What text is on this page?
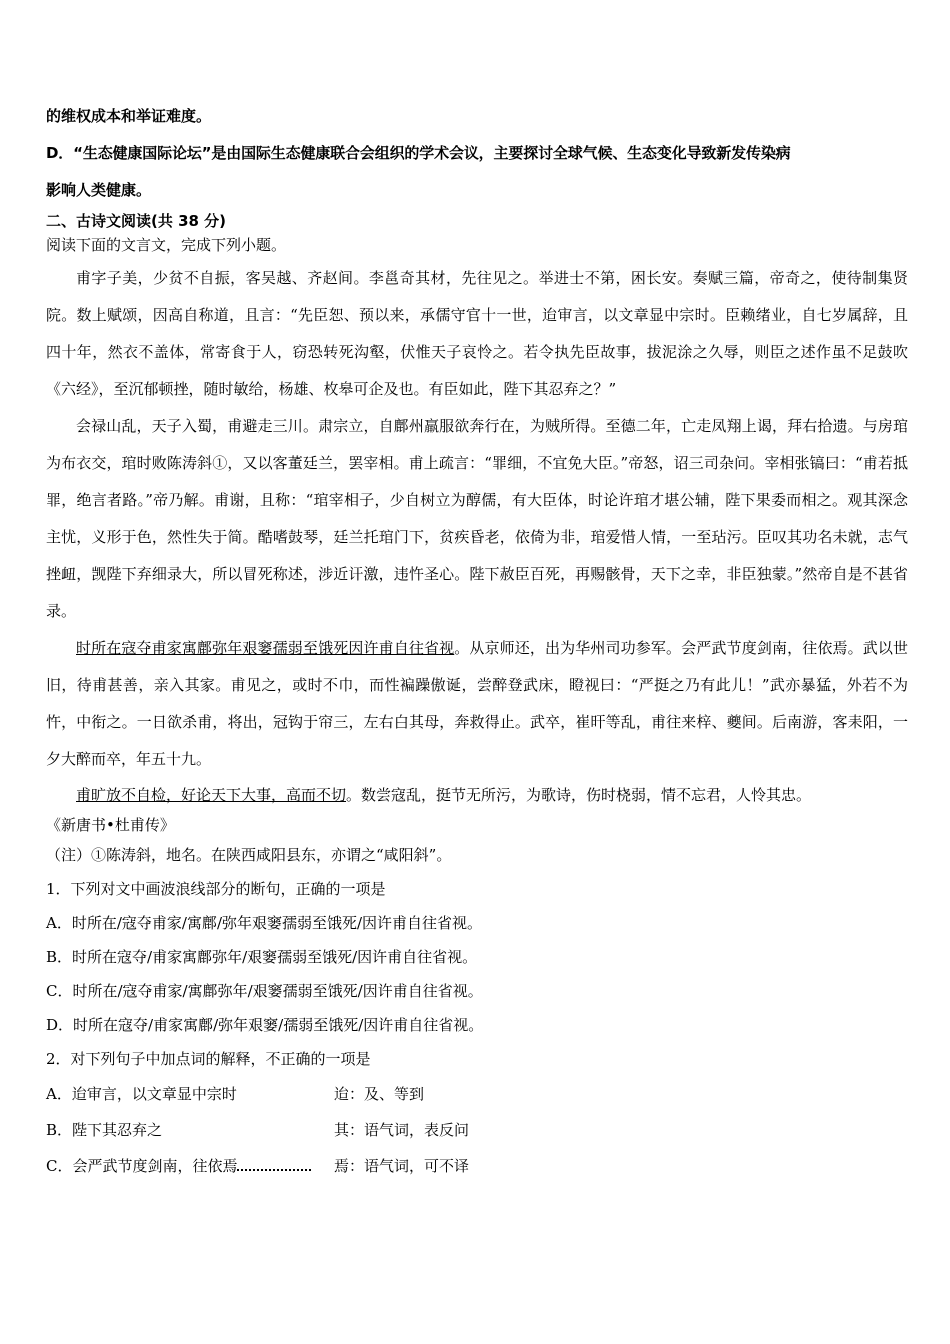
的维权成本和举证难度。
D．“生态健康国际论坛”是由国际生态健康联合会组织的学术会议，主要探讨全球气候、生态变化导致新发传染病
影响人类健康。
二、古诗文阅读(共 38 分)
阅读下面的文言文，完成下列小题。

甫字子美，少贫不自振，客吴越、齐赵间。李邕奇其材，先往见之。举进士不第，困长安。奏赋三篇，帝奇之，使待制集贤院。数上赋颂，因高自称道，且言：“先臣恕、预以来，承儒守官十一世，迨审言，以文章显中宗时。臣赖绪业，自七岁属辞，且四十年，然衣不盖体，常寄食于人，窃恐转死沟壑，伏惟天子哀怜之。若令执先臣故事，拔泥涂之久辱，则臣之述作虽不足鼓吹《六经》，至沉郁顿挫，随时敏给，杨雄、枚皋可企及也。有臣如此，陛下其忍弃之？”

会禄山乱，天子入蜀，甫避走三川。肃宗立，自鄜州羸服欲奔行在，为贼所得。至德二年，亡走凤翔上谒，拜右拾遗。与房琯为布衣交，琯时败陈涛斜①，又以客董廷兰，罢宰相。甫上疏言：“罪细，不宜免大臣。”帝怒，诏三司杂问。宰相张镐曰：“甫若抵罪，绝言者路。”帝乃解。甫谢，且称：“琯宰相子，少自树立为醇儒，有大臣体，时论许琯才堪公辅，陛下果委而相之。观其深念主忧，义形于色，然性失于简。酷嗜鼓琴，廷兰托琯门下，贫疾昏老，依倚为非，琯爱惜人情，一至玷污。臣叹其功名未就，志气挫衄，觊陛下弃细录大，所以冒死称述，涉近讦激，违忤圣心。陛下赦臣百死，再赐骸骨，天下之幸，非臣独蒙。”然帝自是不甚省录。

时所在寇夺甫家寓鄜弥年艰窭孺弱至饿死因许甫自往省视。从京师还，出为华州司功参军。会严武节度剑南，往依焉。武以世旧，待甫甚善，亲入其家。甫见之，或时不巾，而性褊躁傲诞，尝醉登武床，瞪视曰：“严挺之乃有此儿！”武亦暴猛，外若不为忤，中衔之。一日欲杀甫，将出，冠钩于帘三，左右白其母，奔救得止。武卒，崔旰等乱，甫往来梓、夔间。后南游，客耒阳，一夕大醉而卒，年五十九。

甫旷放不自检，好论天下大事，高而不切。数尝寇乱，挺节无所污，为歌诗，伤时桡弱，情不忘君，人怜其忠。

《新唐书•杜甫传》
（注）①陈涛斜，地名。在陕西咸阳县东，亦谓之“咸阳斜”。
1．下列对文中画波浪线部分的断句，正确的一项是
A．时所在/寇夺甫家/寓鄜/弥年艰窭孺弱至饿死/因许甫自往省视。
B．时所在寇夺/甫家寓鄜弥年/艰窭孺弱至饿死/因许甫自往省视。
C．时所在/寇夺甫家/寓鄜弥年/艰窭孺弱至饿死/因许甫自往省视。
D．时所在寇夺/甫家寓鄜/弥年艰窭/孺弱至饿死/因许甫自往省视。
2．对下列句子中加点词的解释，不正确的一项是
A．迨审言，以文章显中宗时	迨：及、等到
B．陛下其忍弃之	其：语气词，表反问
C．会严武节度剑南，往依焉	焉：语气词，可不译
